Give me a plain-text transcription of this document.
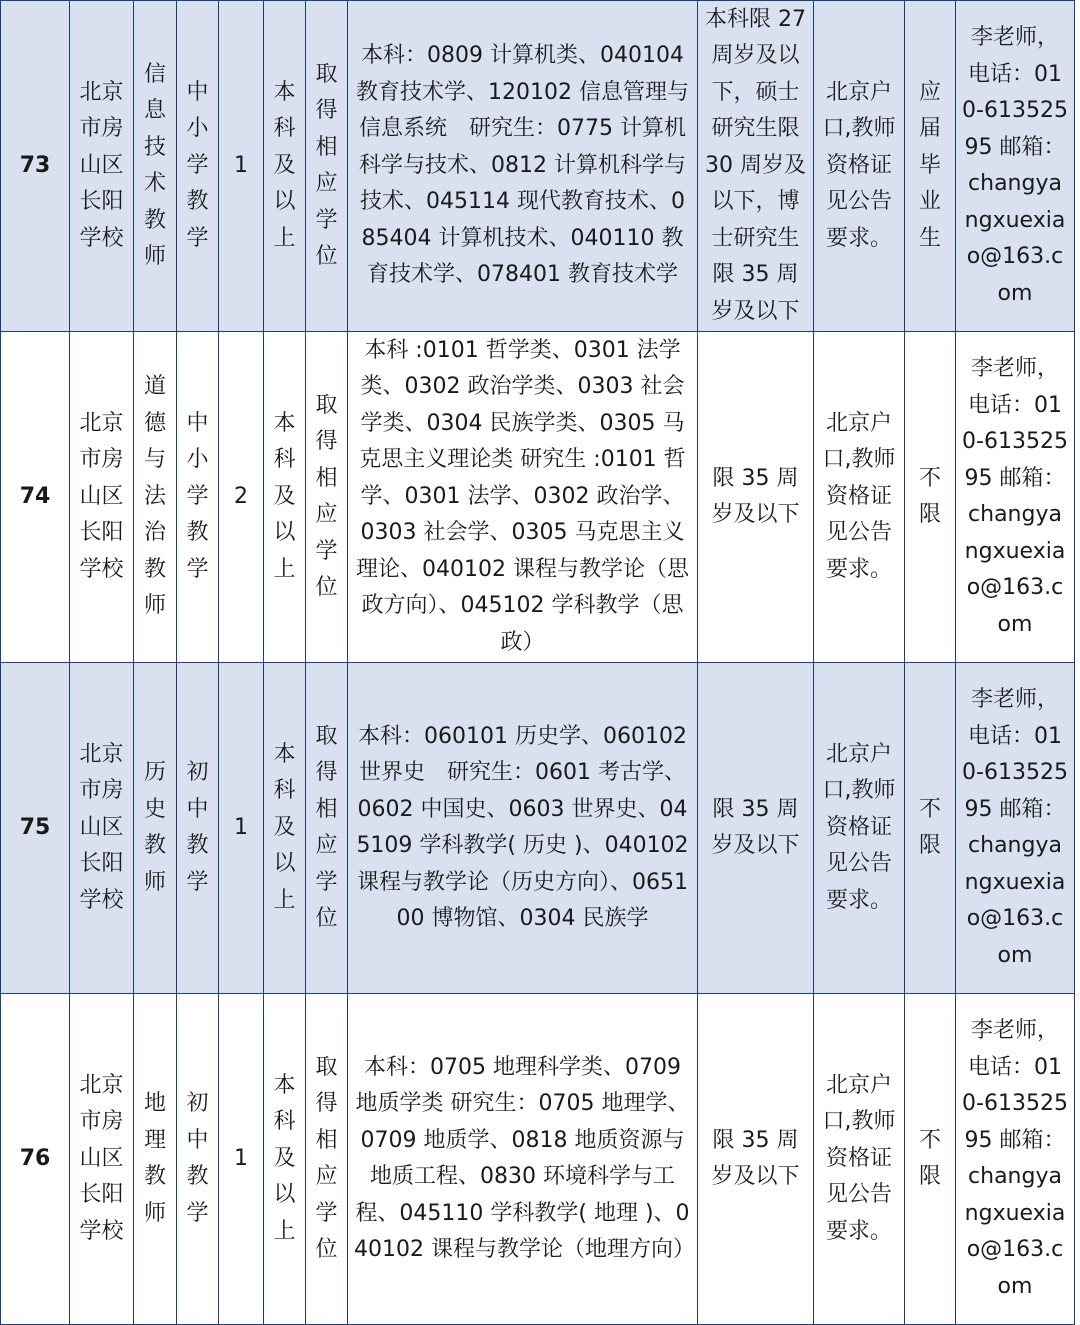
73	北京市房山区长阳学校	信息技术教师	中小学教学	1	本科及以上	取得相应学位	本科：0809 计算机类、040104 教育技术学、120102 信息管理与信息系统　研究生：0775 计算机科学与技术、0812 计算机科学与技术、045114 现代教育技术、085404 计算机技术、040110 教育技术学、078401 教育技术学	本科限 27 周岁及以下，硕士研究生限 30 周岁及以下，博士研究生限 35 周岁及以下	北京户口,教师资格证见公告要求。	应届毕业生	李老师，电话：010-61352595 邮箱：changyangxuexiao@163.com
74	北京市房山区长阳学校	道德与法治教师	中小学教学	2	本科及以上	取得相应学位	本科 :0101 哲学类、0301 法学类、0302 政治学类、0303 社会学类、0304 民族学类、0305 马克思主义理论类 研究生 :0101 哲学、0301 法学、0302 政治学、0303 社会学、0305 马克思主义理论、040102 课程与教学论（思政方向）、045102 学科教学（思政）	限 35 周岁及以下	北京户口,教师资格证见公告要求。	不限	李老师，电话：010-61352595 邮箱：changyangxuexiao@163.com
75	北京市房山区长阳学校	历史教师	初中教学	1	本科及以上	取得相应学位	本科：060101 历史学、060102 世界史　研究生：0601 考古学、0602 中国史、0603 世界史、045109 学科教学( 历史 )、040102 课程与教学论（历史方向）、065100 博物馆、0304 民族学	限 35 周岁及以下	北京户口,教师资格证见公告要求。	不限	李老师，电话：010-61352595 邮箱：changyangxuexiao@163.com
76	北京市房山区长阳学校	地理教师	初中教学	1	本科及以上	取得相应学位	本科：0705 地理科学类、0709 地质学类 研究生：0705 地理学、0709 地质学、0818 地质资源与地质工程、0830 环境科学与工程、045110 学科教学( 地理 )、040102 课程与教学论（地理方向）	限 35 周岁及以下	北京户口,教师资格证见公告要求。	不限	李老师，电话：010-61352595 邮箱：changyangxuexiao@163.com
